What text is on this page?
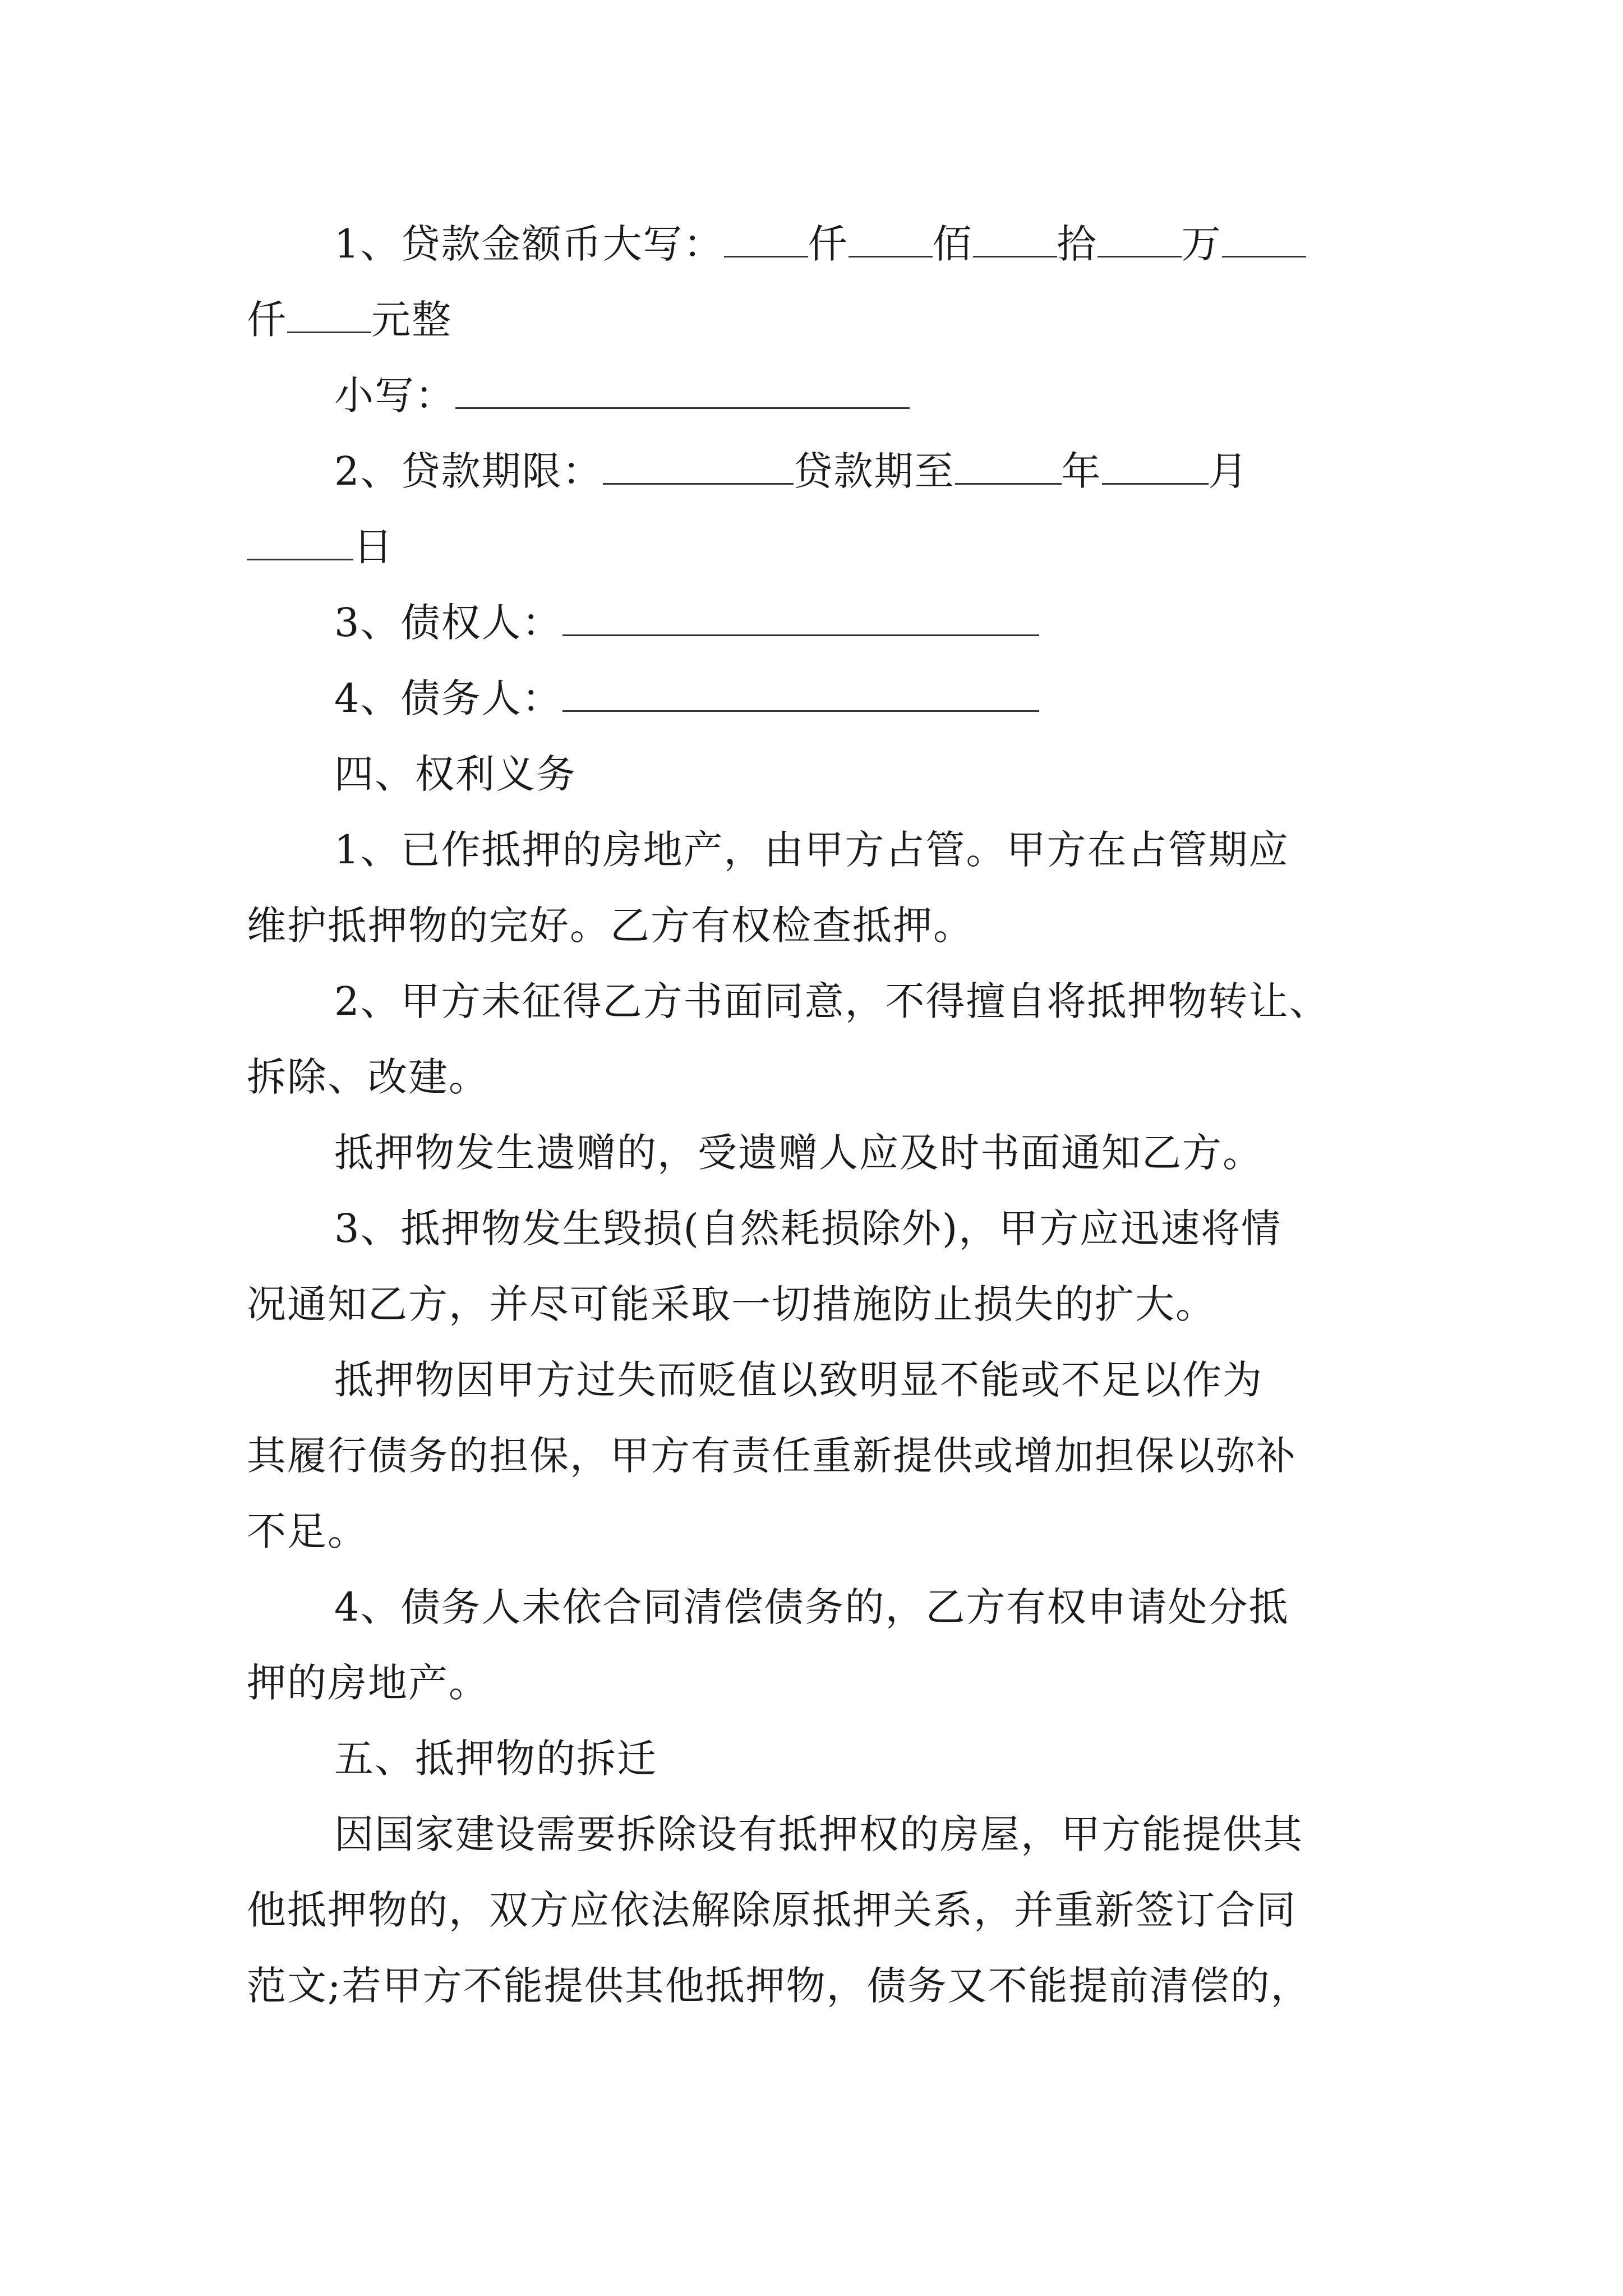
1、贷款金额币大写： 仟 佰 拾 万
仟 元整
小写：
2、贷款期限：	贷款期至	年	月
日
3、债权人：
4、债务人：
四、权利义务
1、已作抵押的房地产，由甲方占管。甲方在占管期应
维护抵押物的完好。乙方有权检查抵押。
2、甲方未征得乙方书面同意，不得擅自将抵押物转让、
拆除、改建。
抵押物发生遗赠的，受遗赠人应及时书面通知乙方。
3、抵押物发生毁损(自然耗损除外)，甲方应迅速将情
况通知乙方，并尽可能采取一切措施防止损失的扩大。
抵押物因甲方过失而贬值以致明显不能或不足以作为
其履行债务的担保，甲方有责任重新提供或增加担保以弥补
不足。
4、债务人未依合同清偿债务的，乙方有权申请处分抵
押的房地产。
五、抵押物的拆迁
因国家建设需要拆除设有抵押权的房屋，甲方能提供其
他抵押物的，双方应依法解除原抵押关系，并重新签订合同
范文;若甲方不能提供其他抵押物，债务又不能提前清偿的，
